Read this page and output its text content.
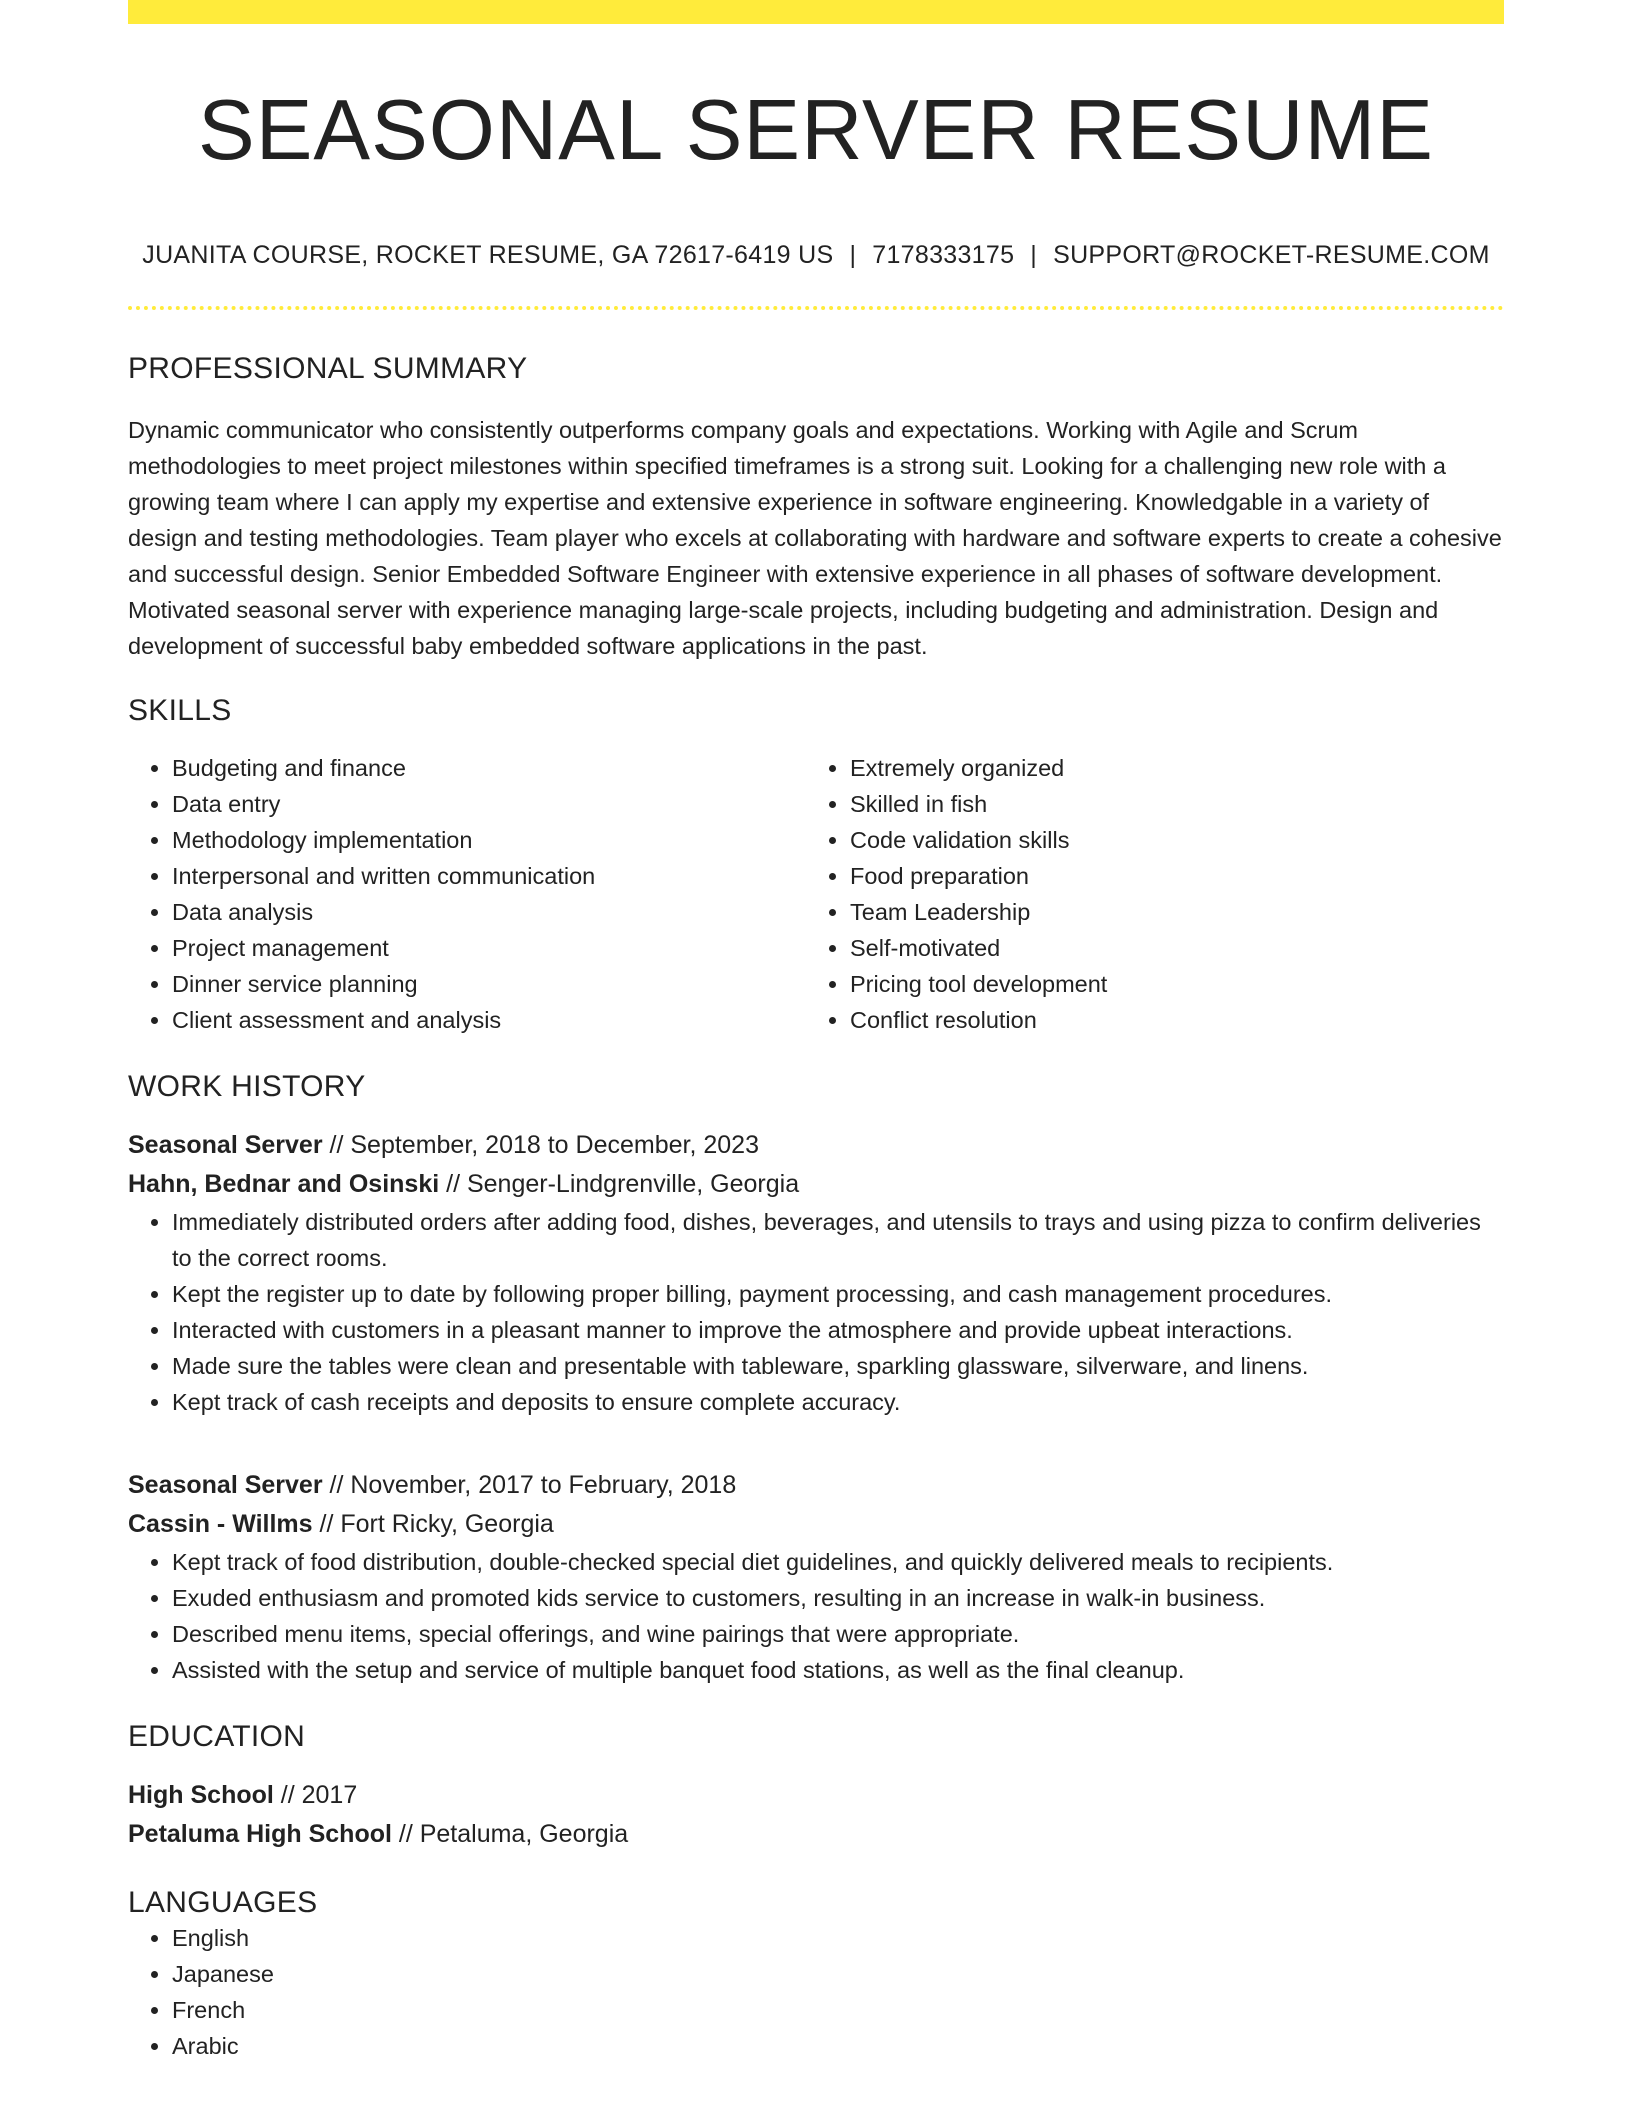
SEASONAL SERVER RESUME
JUANITA COURSE, ROCKET RESUME, GA 72617-6419 US | 7178333175 | SUPPORT@ROCKET-RESUME.COM
PROFESSIONAL SUMMARY

Dynamic communicator who consistently outperforms company goals and expectations. Working with Agile and Scrum methodologies to meet project milestones within specified timeframes is a strong suit. Looking for a challenging new role with a growing team where I can apply my expertise and extensive experience in software engineering. Knowledgable in a variety of design and testing methodologies. Team player who excels at collaborating with hardware and software experts to create a cohesive and successful design. Senior Embedded Software Engineer with extensive experience in all phases of software development. Motivated seasonal server with experience managing large-scale projects, including budgeting and administration. Design and development of successful baby embedded software applications in the past.

SKILLS
• Budgeting and finance
• Data entry
• Methodology implementation
• Interpersonal and written communication
• Data analysis
• Project management
• Dinner service planning
• Client assessment and analysis
• Extremely organized
• Skilled in fish
• Code validation skills
• Food preparation
• Team Leadership
• Self-motivated
• Pricing tool development
• Conflict resolution
WORK HISTORY
Seasonal Server // September, 2018 to December, 2023
Hahn, Bednar and Osinski // Senger-Lindgrenville, Georgia
• Immediately distributed orders after adding food, dishes, beverages, and utensils to trays and using pizza to confirm deliveries to the correct rooms.
• Kept the register up to date by following proper billing, payment processing, and cash management procedures.
• Interacted with customers in a pleasant manner to improve the atmosphere and provide upbeat interactions.
• Made sure the tables were clean and presentable with tableware, sparkling glassware, silverware, and linens.
• Kept track of cash receipts and deposits to ensure complete accuracy.
Seasonal Server // November, 2017 to February, 2018
Cassin - Willms // Fort Ricky, Georgia
• Kept track of food distribution, double-checked special diet guidelines, and quickly delivered meals to recipients.
• Exuded enthusiasm and promoted kids service to customers, resulting in an increase in walk-in business.
• Described menu items, special offerings, and wine pairings that were appropriate.
• Assisted with the setup and service of multiple banquet food stations, as well as the final cleanup.
EDUCATION
High School // 2017
Petaluma High School // Petaluma, Georgia
LANGUAGES
• English
• Japanese
• French
• Arabic
